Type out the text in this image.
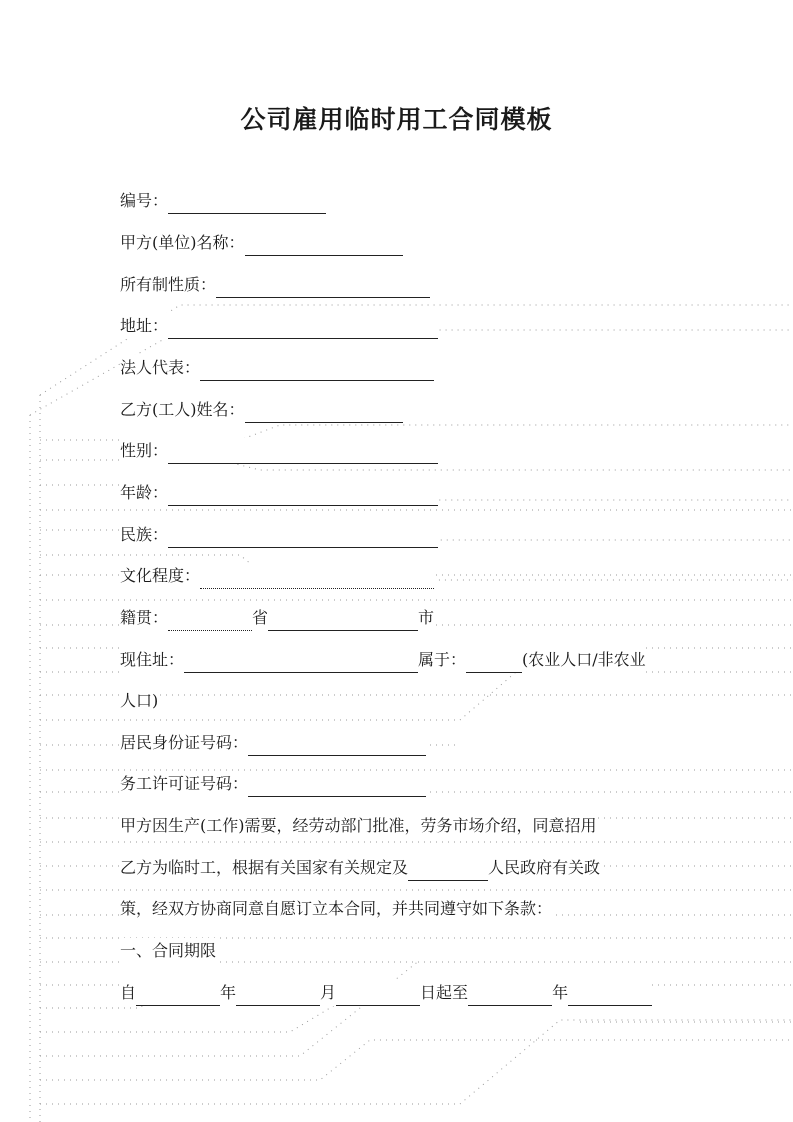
公司雇用临时用工合同模板
编号：
甲方(单位)名称：
所有制性质：
地址：
法人代表：
乙方(工人)姓名：
性别：
年龄：
民族：
文化程度：
籍贯：	省	市
现住址：	属于：	(农业人口/非农业
人口)
居民身份证号码：
务工许可证号码：
甲方因生产(工作)需要，经劳动部门批准，劳务市场介绍，同意招用
乙方为临时工，根据有关国家有关规定及	人民政府有关政
策，经双方协商同意自愿订立本合同，并共同遵守如下条款：
一、合同期限
自	年	月	日起至	年
